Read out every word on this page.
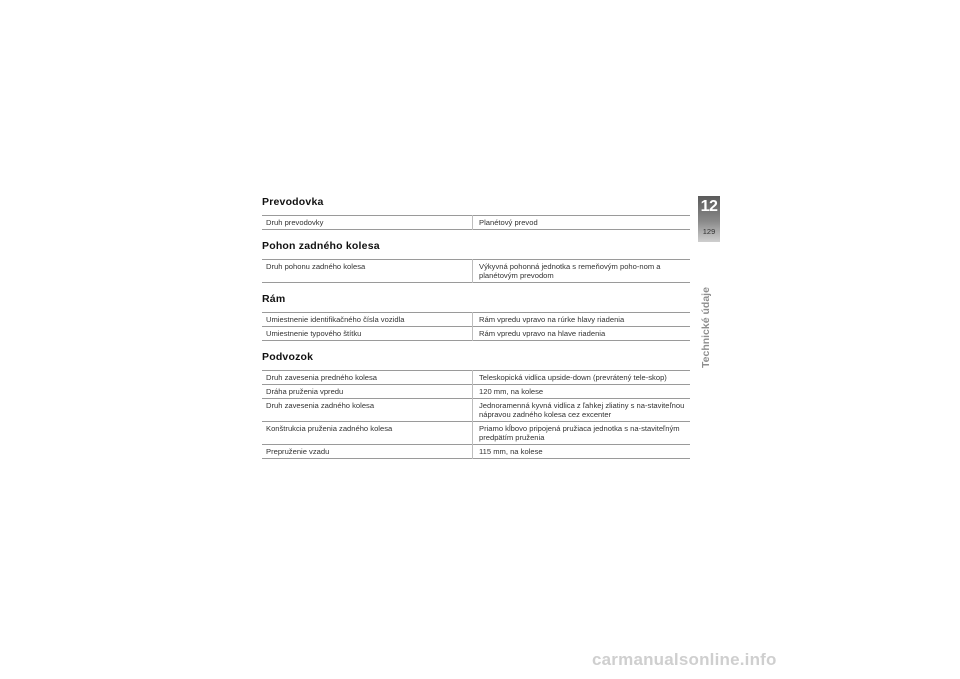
Prevodovka
Druh prevodovky	Planétový prevod
Pohon zadného kolesa
Druh pohonu zadného kolesa	Výkyvná pohonná jednotka s remeňovým poho-nom a planétovým prevodom
Rám
Umiestnenie identifikačného čísla vozidla	Rám vpredu vpravo na rúrke hlavy riadenia
Umiestnenie typového štítku	Rám vpredu vpravo na hlave riadenia
Podvozok
Druh zavesenia predného kolesa	Teleskopická vidlica upside-down (prevrátený tele-skop)
Dráha pruženia vpredu	120 mm, na kolese
Druh zavesenia zadného kolesa	Jednoramenná kyvná vidlica z ľahkej zliatiny s na-staviteľnou nápravou zadného kolesa cez excenter
Konštrukcia pruženia zadného kolesa	Priamo kĺbovo pripojená pružiaca jednotka s na-staviteľným predpätím pruženia
Prepruženie vzadu	115 mm, na kolese
12
129
Technické údaje
carmanualsonline.info
